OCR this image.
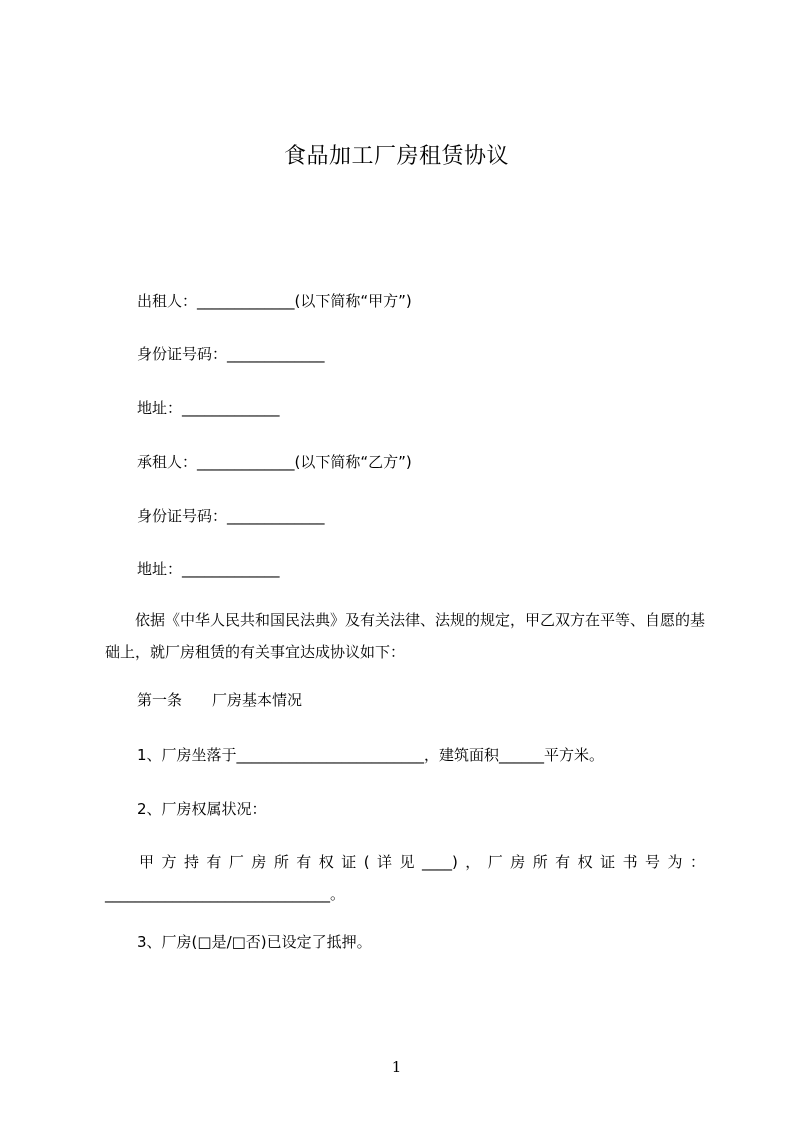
食品加工厂房租赁协议
出租人：_____________(以下简称“甲方”)
身份证号码：_____________
地址：_____________
承租人：_____________(以下简称“乙方”)
身份证号码：_____________
地址：_____________
依据《中华人民共和国民法典》及有关法律、法规的规定，甲乙双方在平等、自愿的基础上，就厂房租赁的有关事宜达成协议如下：
第一条　　厂房基本情况
1、厂房坐落于_________________________，建筑面积______平方米。
2、厂房权属状况：
甲方持有厂房所有权证(详见____)，厂房所有权证书号为：______________________________。
3、厂房(□是/□否)已设定了抵押。
1
